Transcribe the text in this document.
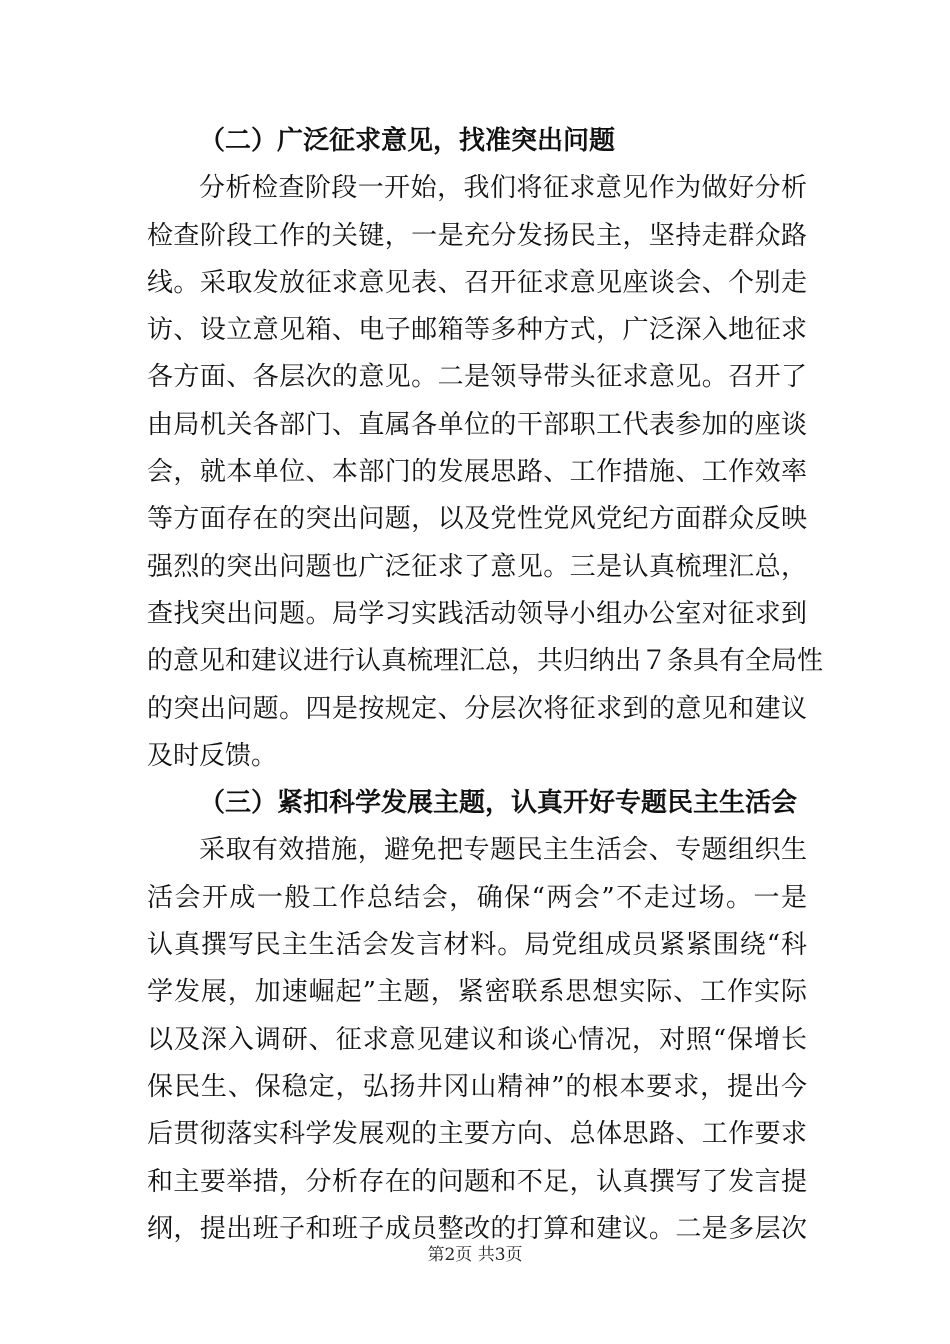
（二）广泛征求意见，找准突出问题
分析检查阶段一开始，我们将征求意见作为做好分析
检查阶段工作的关键，一是充分发扬民主，坚持走群众路
线。采取发放征求意见表、召开征求意见座谈会、个别走
访、设立意见箱、电子邮箱等多种方式，广泛深入地征求
各方面、各层次的意见。二是领导带头征求意见。召开了
由局机关各部门、直属各单位的干部职工代表参加的座谈
会，就本单位、本部门的发展思路、工作措施、工作效率
等方面存在的突出问题，以及党性党风党纪方面群众反映
强烈的突出问题也广泛征求了意见。三是认真梳理汇总，
查找突出问题。局学习实践活动领导小组办公室对征求到
的意见和建议进行认真梳理汇总，共归纳出７条具有全局性
的突出问题。四是按规定、分层次将征求到的意见和建议
及时反馈。
（三）紧扣科学发展主题，认真开好专题民主生活会
采取有效措施，避免把专题民主生活会、专题组织生
活会开成一般工作总结会，确保“两会”不走过场。一是
认真撰写民主生活会发言材料。局党组成员紧紧围绕“科
学发展，加速崛起”主题，紧密联系思想实际、工作实际
以及深入调研、征求意见建议和谈心情况，对照“保增长
保民生、保稳定，弘扬井冈山精神”的根本要求，提出今
后贯彻落实科学发展观的主要方向、总体思路、工作要求
和主要举措，分析存在的问题和不足，认真撰写了发言提
纲，提出班子和班子成员整改的打算和建议。二是多层次
第2页 共3页
